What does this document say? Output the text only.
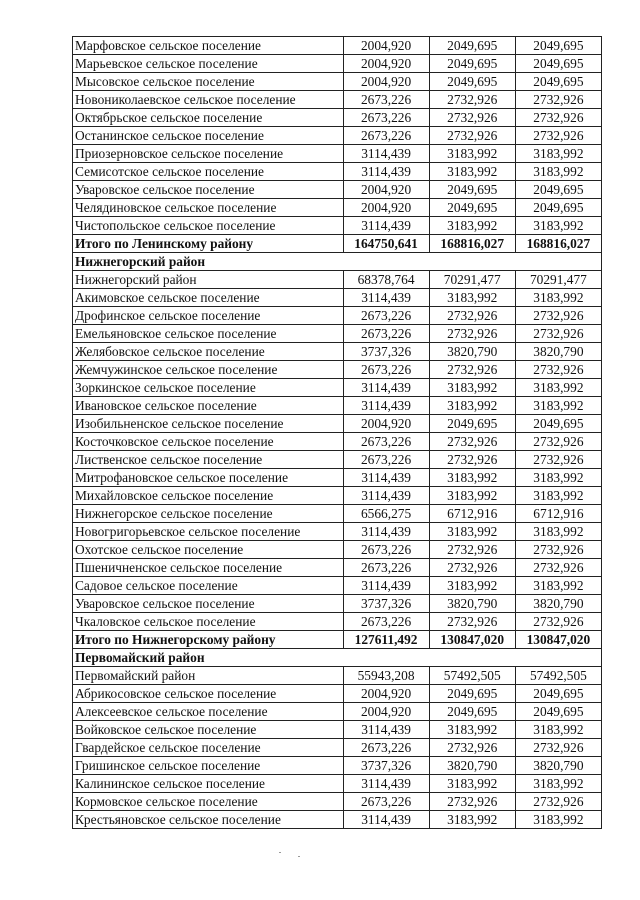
Марфовское сельское поселение	2004,920	2049,695	2049,695
Марьевское сельское поселение	2004,920	2049,695	2049,695
Мысовское сельское поселение	2004,920	2049,695	2049,695
Новониколаевское сельское поселение	2673,226	2732,926	2732,926
Октябрьское сельское поселение	2673,226	2732,926	2732,926
Останинское сельское поселение	2673,226	2732,926	2732,926
Приозерновское сельское поселение	3114,439	3183,992	3183,992
Семисотское сельское поселение	3114,439	3183,992	3183,992
Уваровское сельское поселение	2004,920	2049,695	2049,695
Челядиновское сельское поселение	2004,920	2049,695	2049,695
Чистопольское сельское поселение	3114,439	3183,992	3183,992
Итого по Ленинскому району	164750,641	168816,027	168816,027
Нижнегорский район			
Нижнегорский район	68378,764	70291,477	70291,477
Акимовское сельское поселение	3114,439	3183,992	3183,992
Дрофинское сельское поселение	2673,226	2732,926	2732,926
Емельяновское сельское поселение	2673,226	2732,926	2732,926
Желябовское сельское поселение	3737,326	3820,790	3820,790
Жемчужинское сельское поселение	2673,226	2732,926	2732,926
Зоркинское сельское поселение	3114,439	3183,992	3183,992
Ивановское сельское поселение	3114,439	3183,992	3183,992
Изобильненское сельское поселение	2004,920	2049,695	2049,695
Косточковское сельское поселение	2673,226	2732,926	2732,926
Лиственское сельское поселение	2673,226	2732,926	2732,926
Митрофановское сельское поселение	3114,439	3183,992	3183,992
Михайловское сельское поселение	3114,439	3183,992	3183,992
Нижнегорское сельское поселение	6566,275	6712,916	6712,916
Новогригорьевское сельское поселение	3114,439	3183,992	3183,992
Охотское сельское поселение	2673,226	2732,926	2732,926
Пшеничненское сельское поселение	2673,226	2732,926	2732,926
Садовое сельское поселение	3114,439	3183,992	3183,992
Уваровское сельское поселение	3737,326	3820,790	3820,790
Чкаловское сельское поселение	2673,226	2732,926	2732,926
Итого по Нижнегорскому району	127611,492	130847,020	130847,020
Первомайский район			
Первомайский район	55943,208	57492,505	57492,505
Абрикосовское сельское поселение	2004,920	2049,695	2049,695
Алексеевское сельское поселение	2004,920	2049,695	2049,695
Войковское сельское поселение	3114,439	3183,992	3183,992
Гвардейское сельское поселение	2673,226	2732,926	2732,926
Гришинское сельское поселение	3737,326	3820,790	3820,790
Калининское сельское поселение	3114,439	3183,992	3183,992
Кормовское сельское поселение	2673,226	2732,926	2732,926
Крестьяновское сельское поселение	3114,439	3183,992	3183,992
